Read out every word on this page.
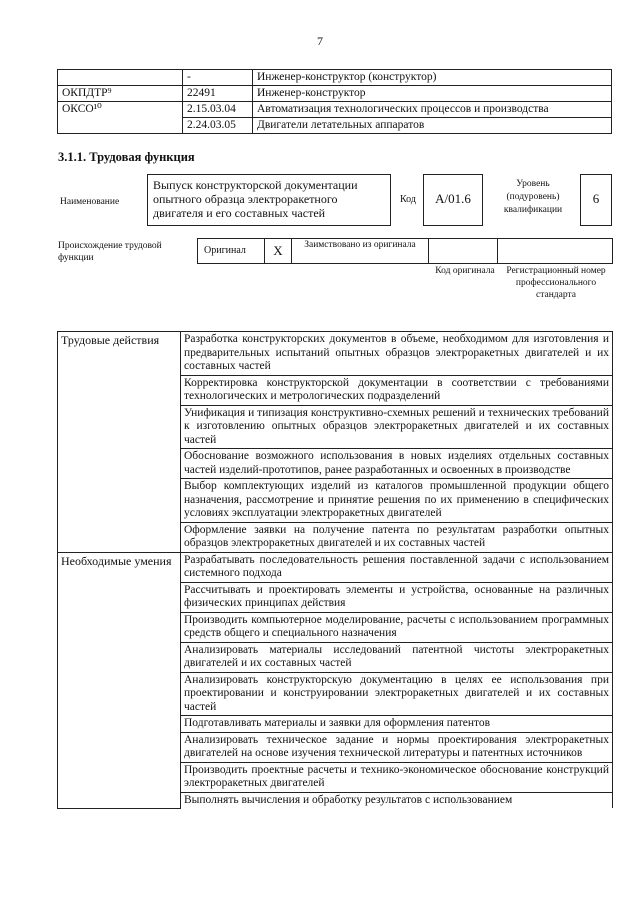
7
	-	Инженер-конструктор (конструктор)
ОКПДТР⁹	22491	Инженер-конструктор
ОКСО¹⁰	2.15.03.04	Автоматизация технологических процессов и производства
	2.24.03.05	Двигатели летательных аппаратов
3.1.1. Трудовая функция
Наименование
Выпуск конструкторской документации опытного образца электроракетного двигателя и его составных частей
Код	A/01.6
Уровень (подуровень) квалификации
6
Происхождение трудовой функции
Оригинал	X	Заимствовано из оригинала
Код оригинала	Регистрационный номер профессионального стандарта
Трудовые действия	Разработка конструкторских документов в объеме, необходимом для изготовления и предварительных испытаний опытных образцов электроракетных двигателей и их составных частей
	Корректировка конструкторской документации в соответствии с требованиями технологических и метрологических подразделений
	Унификация и типизация конструктивно-схемных решений и технических требований к изготовлению опытных образцов электроракетных двигателей и их составных частей
	Обоснование возможного использования в новых изделиях отдельных составных частей изделий-прототипов, ранее разработанных и освоенных в производстве
	Выбор комплектующих изделий из каталогов промышленной продукции общего назначения, рассмотрение и принятие решения по их применению в специфических условиях эксплуатации электроракетных двигателей
	Оформление заявки на получение патента по результатам разработки опытных образцов электроракетных двигателей и их составных частей
Необходимые умения	Разрабатывать последовательность решения поставленной задачи с использованием системного подхода
	Рассчитывать и проектировать элементы и устройства, основанные на различных физических принципах действия
	Производить компьютерное моделирование, расчеты с использованием программных средств общего и специального назначения
	Анализировать материалы исследований патентной чистоты электроракетных двигателей и их составных частей
	Анализировать конструкторскую документацию в целях ее использования при проектировании и конструировании электроракетных двигателей и их составных частей
	Подготавливать материалы и заявки для оформления патентов
	Анализировать техническое задание и нормы проектирования электроракетных двигателей на основе изучения технической литературы и патентных источников
	Производить проектные расчеты и технико-экономическое обоснование конструкций электроракетных двигателей
	Выполнять вычисления и обработку результатов с использованием
